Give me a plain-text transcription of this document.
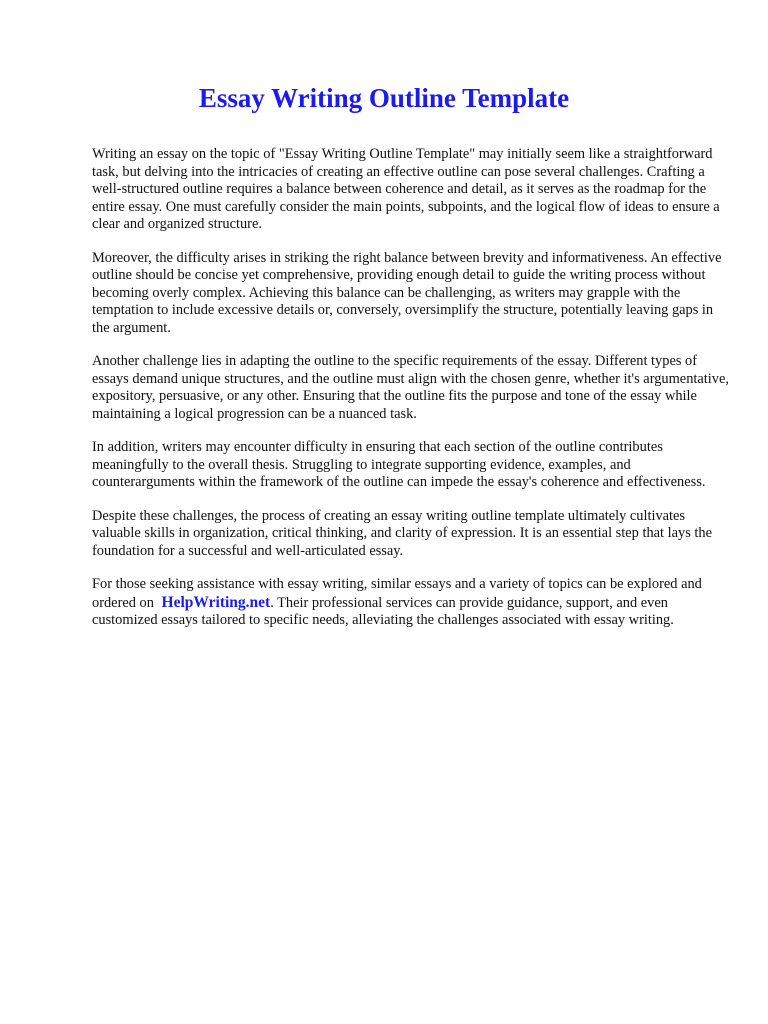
Essay Writing Outline Template

Writing an essay on the topic of "Essay Writing Outline Template" may initially seem like a straightforward task, but delving into the intricacies of creating an effective outline can pose several challenges. Crafting a well-structured outline requires a balance between coherence and detail, as it serves as the roadmap for the entire essay. One must carefully consider the main points, subpoints, and the logical flow of ideas to ensure a clear and organized structure.

Moreover, the difficulty arises in striking the right balance between brevity and informativeness. An effective outline should be concise yet comprehensive, providing enough detail to guide the writing process without becoming overly complex. Achieving this balance can be challenging, as writers may grapple with the temptation to include excessive details or, conversely, oversimplify the structure, potentially leaving gaps in the argument.

Another challenge lies in adapting the outline to the specific requirements of the essay. Different types of essays demand unique structures, and the outline must align with the chosen genre, whether it's argumentative, expository, persuasive, or any other. Ensuring that the outline fits the purpose and tone of the essay while maintaining a logical progression can be a nuanced task.

In addition, writers may encounter difficulty in ensuring that each section of the outline contributes meaningfully to the overall thesis. Struggling to integrate supporting evidence, examples, and counterarguments within the framework of the outline can impede the essay's coherence and effectiveness.

Despite these challenges, the process of creating an essay writing outline template ultimately cultivates valuable skills in organization, critical thinking, and clarity of expression. It is an essential step that lays the foundation for a successful and well-articulated essay.

For those seeking assistance with essay writing, similar essays and a variety of topics can be explored and ordered on HelpWriting.net. Their professional services can provide guidance, support, and even customized essays tailored to specific needs, alleviating the challenges associated with essay writing.
